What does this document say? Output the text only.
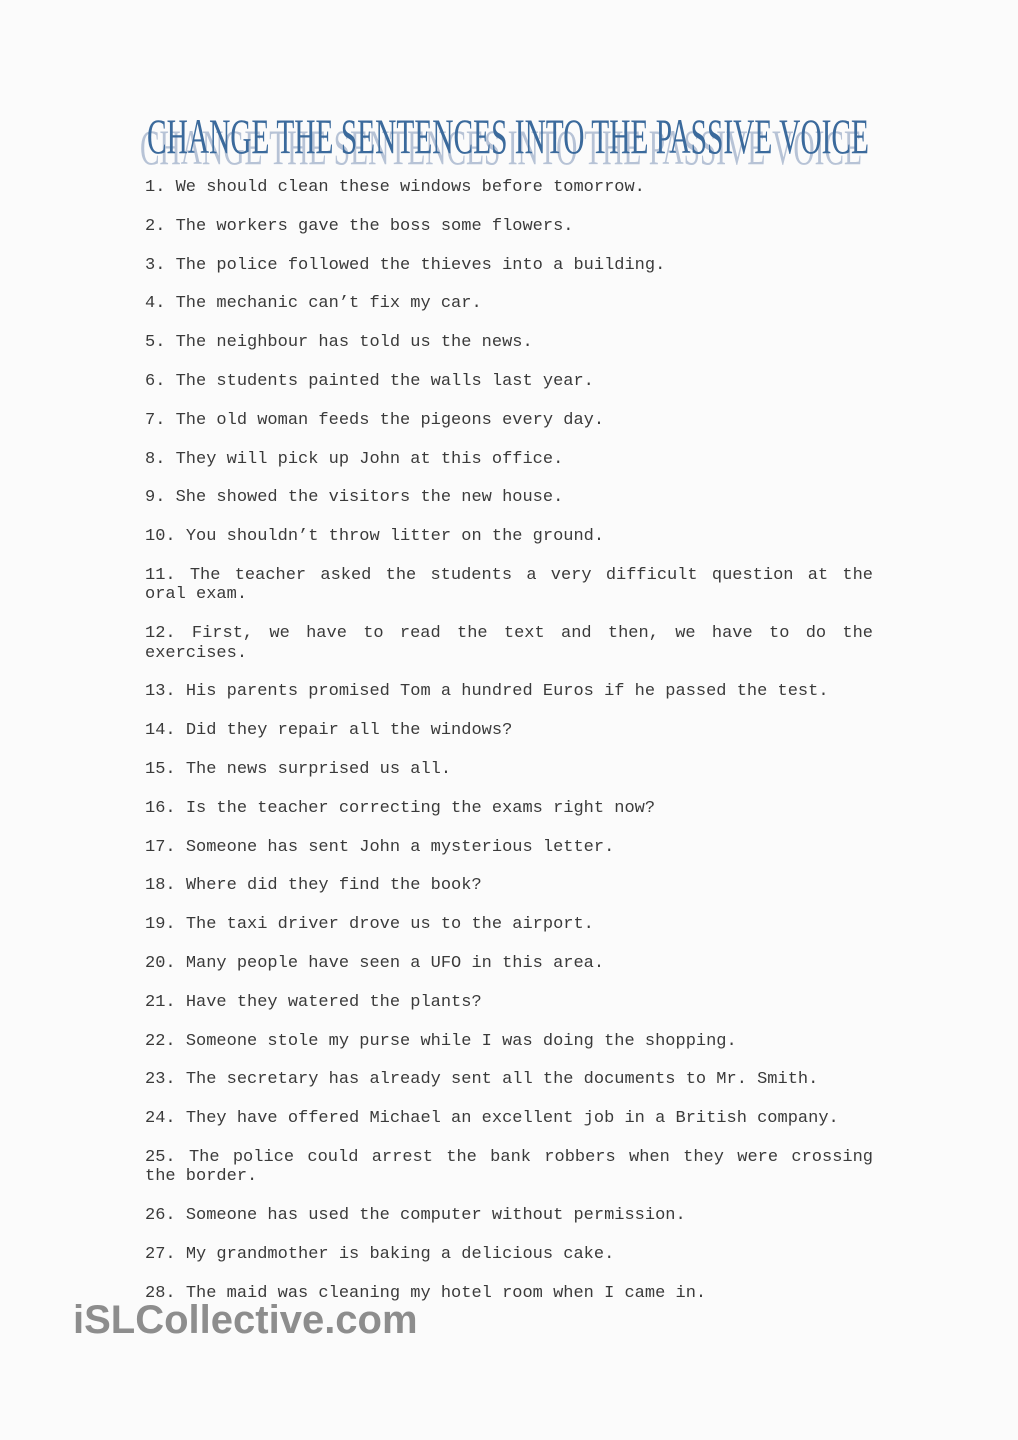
CHANGE THE SENTENCES INTO THE PASSIVE VOICE
iSLCollective.com

1. We should clean these windows before tomorrow.

2. The workers gave the boss some flowers.

3. The police followed the thieves into a building.

4. The mechanic can’t fix my car.

5. The neighbour has told us the news.

6. The students painted the walls last year.

7. The old woman feeds the pigeons every day.

8. They will pick up John at this office.

9. She showed the visitors the new house.

10. You shouldn’t throw litter on the ground.

11. The teacher asked the students a very difficult question at the oral exam.

12. First, we have to read the text and then, we have to do the exercises.

13. His parents promised Tom a hundred Euros if he passed the test.

14. Did they repair all the windows?

15. The news surprised us all.

16. Is the teacher correcting the exams right now?

17. Someone has sent John a mysterious letter.

18. Where did they find the book?

19. The taxi driver drove us to the airport.

20. Many people have seen a UFO in this area.

21. Have they watered the plants?

22. Someone stole my purse while I was doing the shopping.

23. The secretary has already sent all the documents to Mr. Smith.

24. They have offered Michael an excellent job in a British company.

25. The police could arrest the bank robbers when they were crossing the border.

26. Someone has used the computer without permission.

27. My grandmother is baking a delicious cake.

28. The maid was cleaning my hotel room when I came in.
